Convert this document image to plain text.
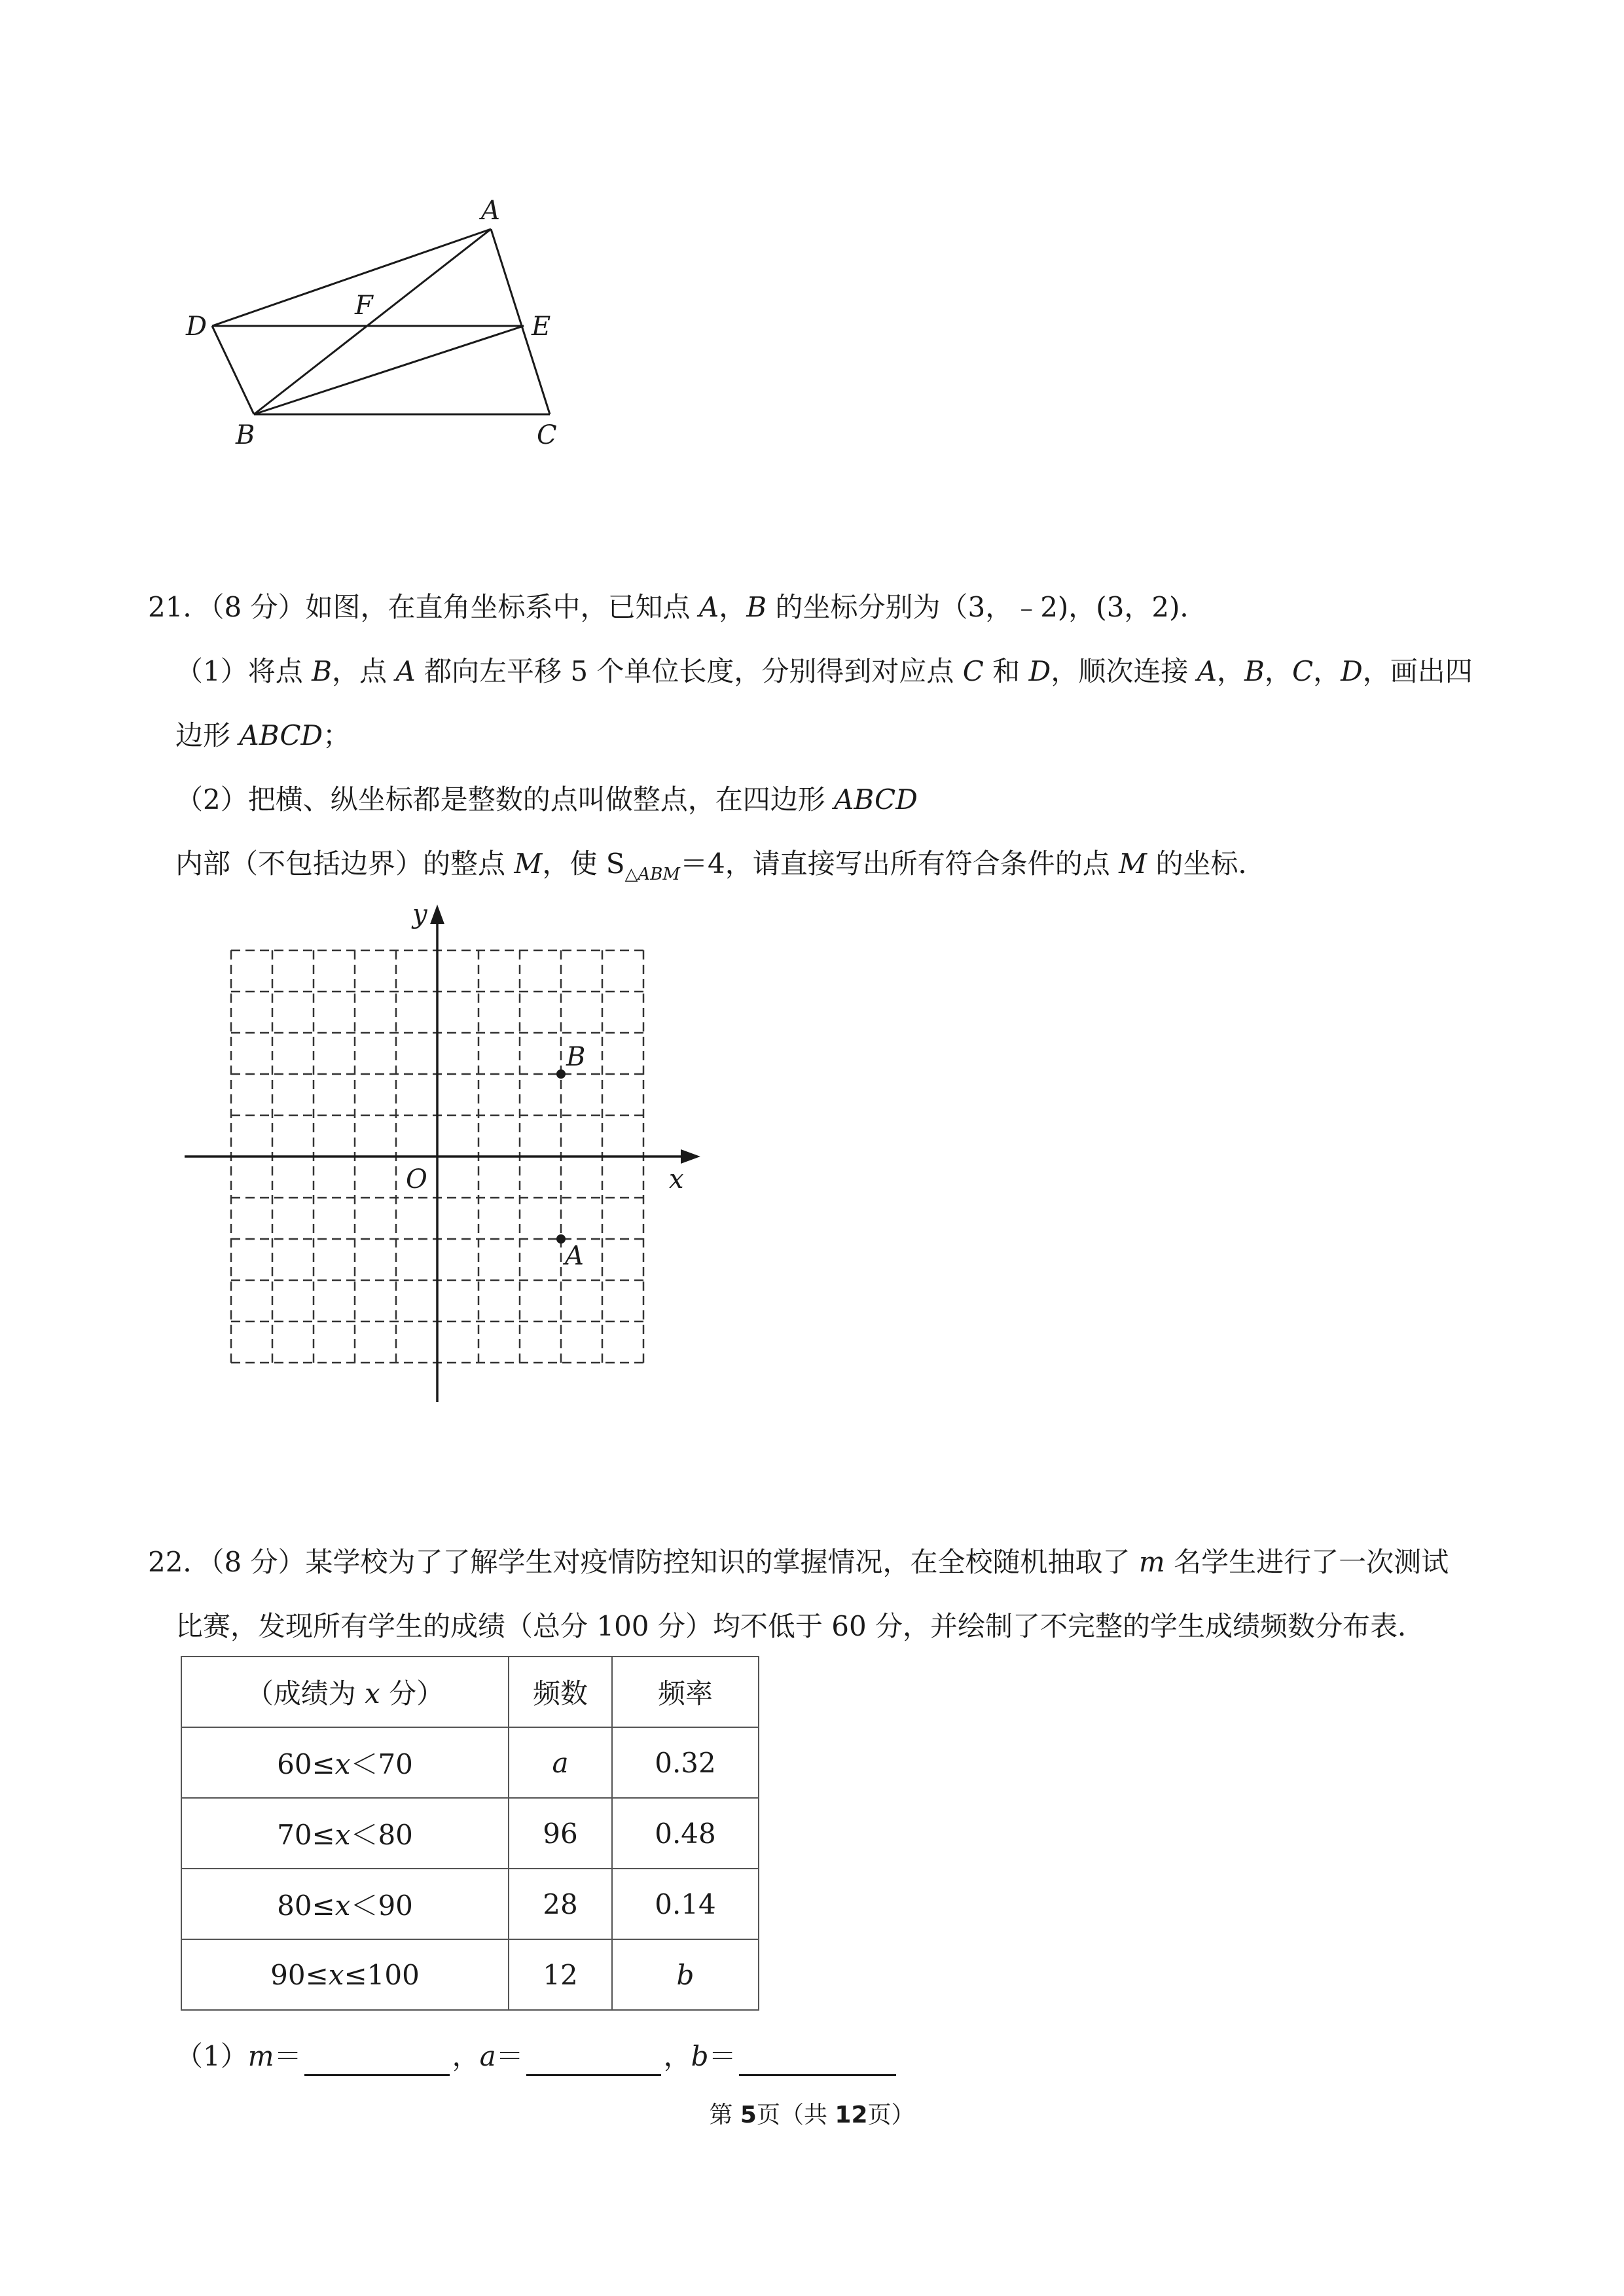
A
D
F
E
B	C
21．（8 分）如图，在直角坐标系中，已知点 A，B 的坐标分别为（3，﹣2)，(3，2)．
（1）将点 B，点 A 都向左平移 5 个单位长度，分别得到对应点 C 和 D，顺次连接 A，B，C，D，画出四
边形 ABCD；
（2）把横、纵坐标都是整数的点叫做整点，在四边形 ABCD
内部（不包括边界）的整点 M，使 $S_{\triangle ABM}=4$，请直接写出所有符合条件的点 M 的坐标．
y
x
O
B
A
22．（8 分）某学校为了了解学生对疫情防控知识的掌握情况，在全校随机抽取了 m 名学生进行了一次测试
比赛，发现所有学生的成绩（总分 100 分）均不低于 60 分，并绘制了不完整的学生成绩频数分布表．
（成绩为 x 分）	频数	频率
60≤x＜70	a	0.32
70≤x＜80	96	0.48
80≤x＜90	28	0.14
90≤x≤100	12	b
（1）m＝	，a＝	，b＝
第 5页（共 12页）
